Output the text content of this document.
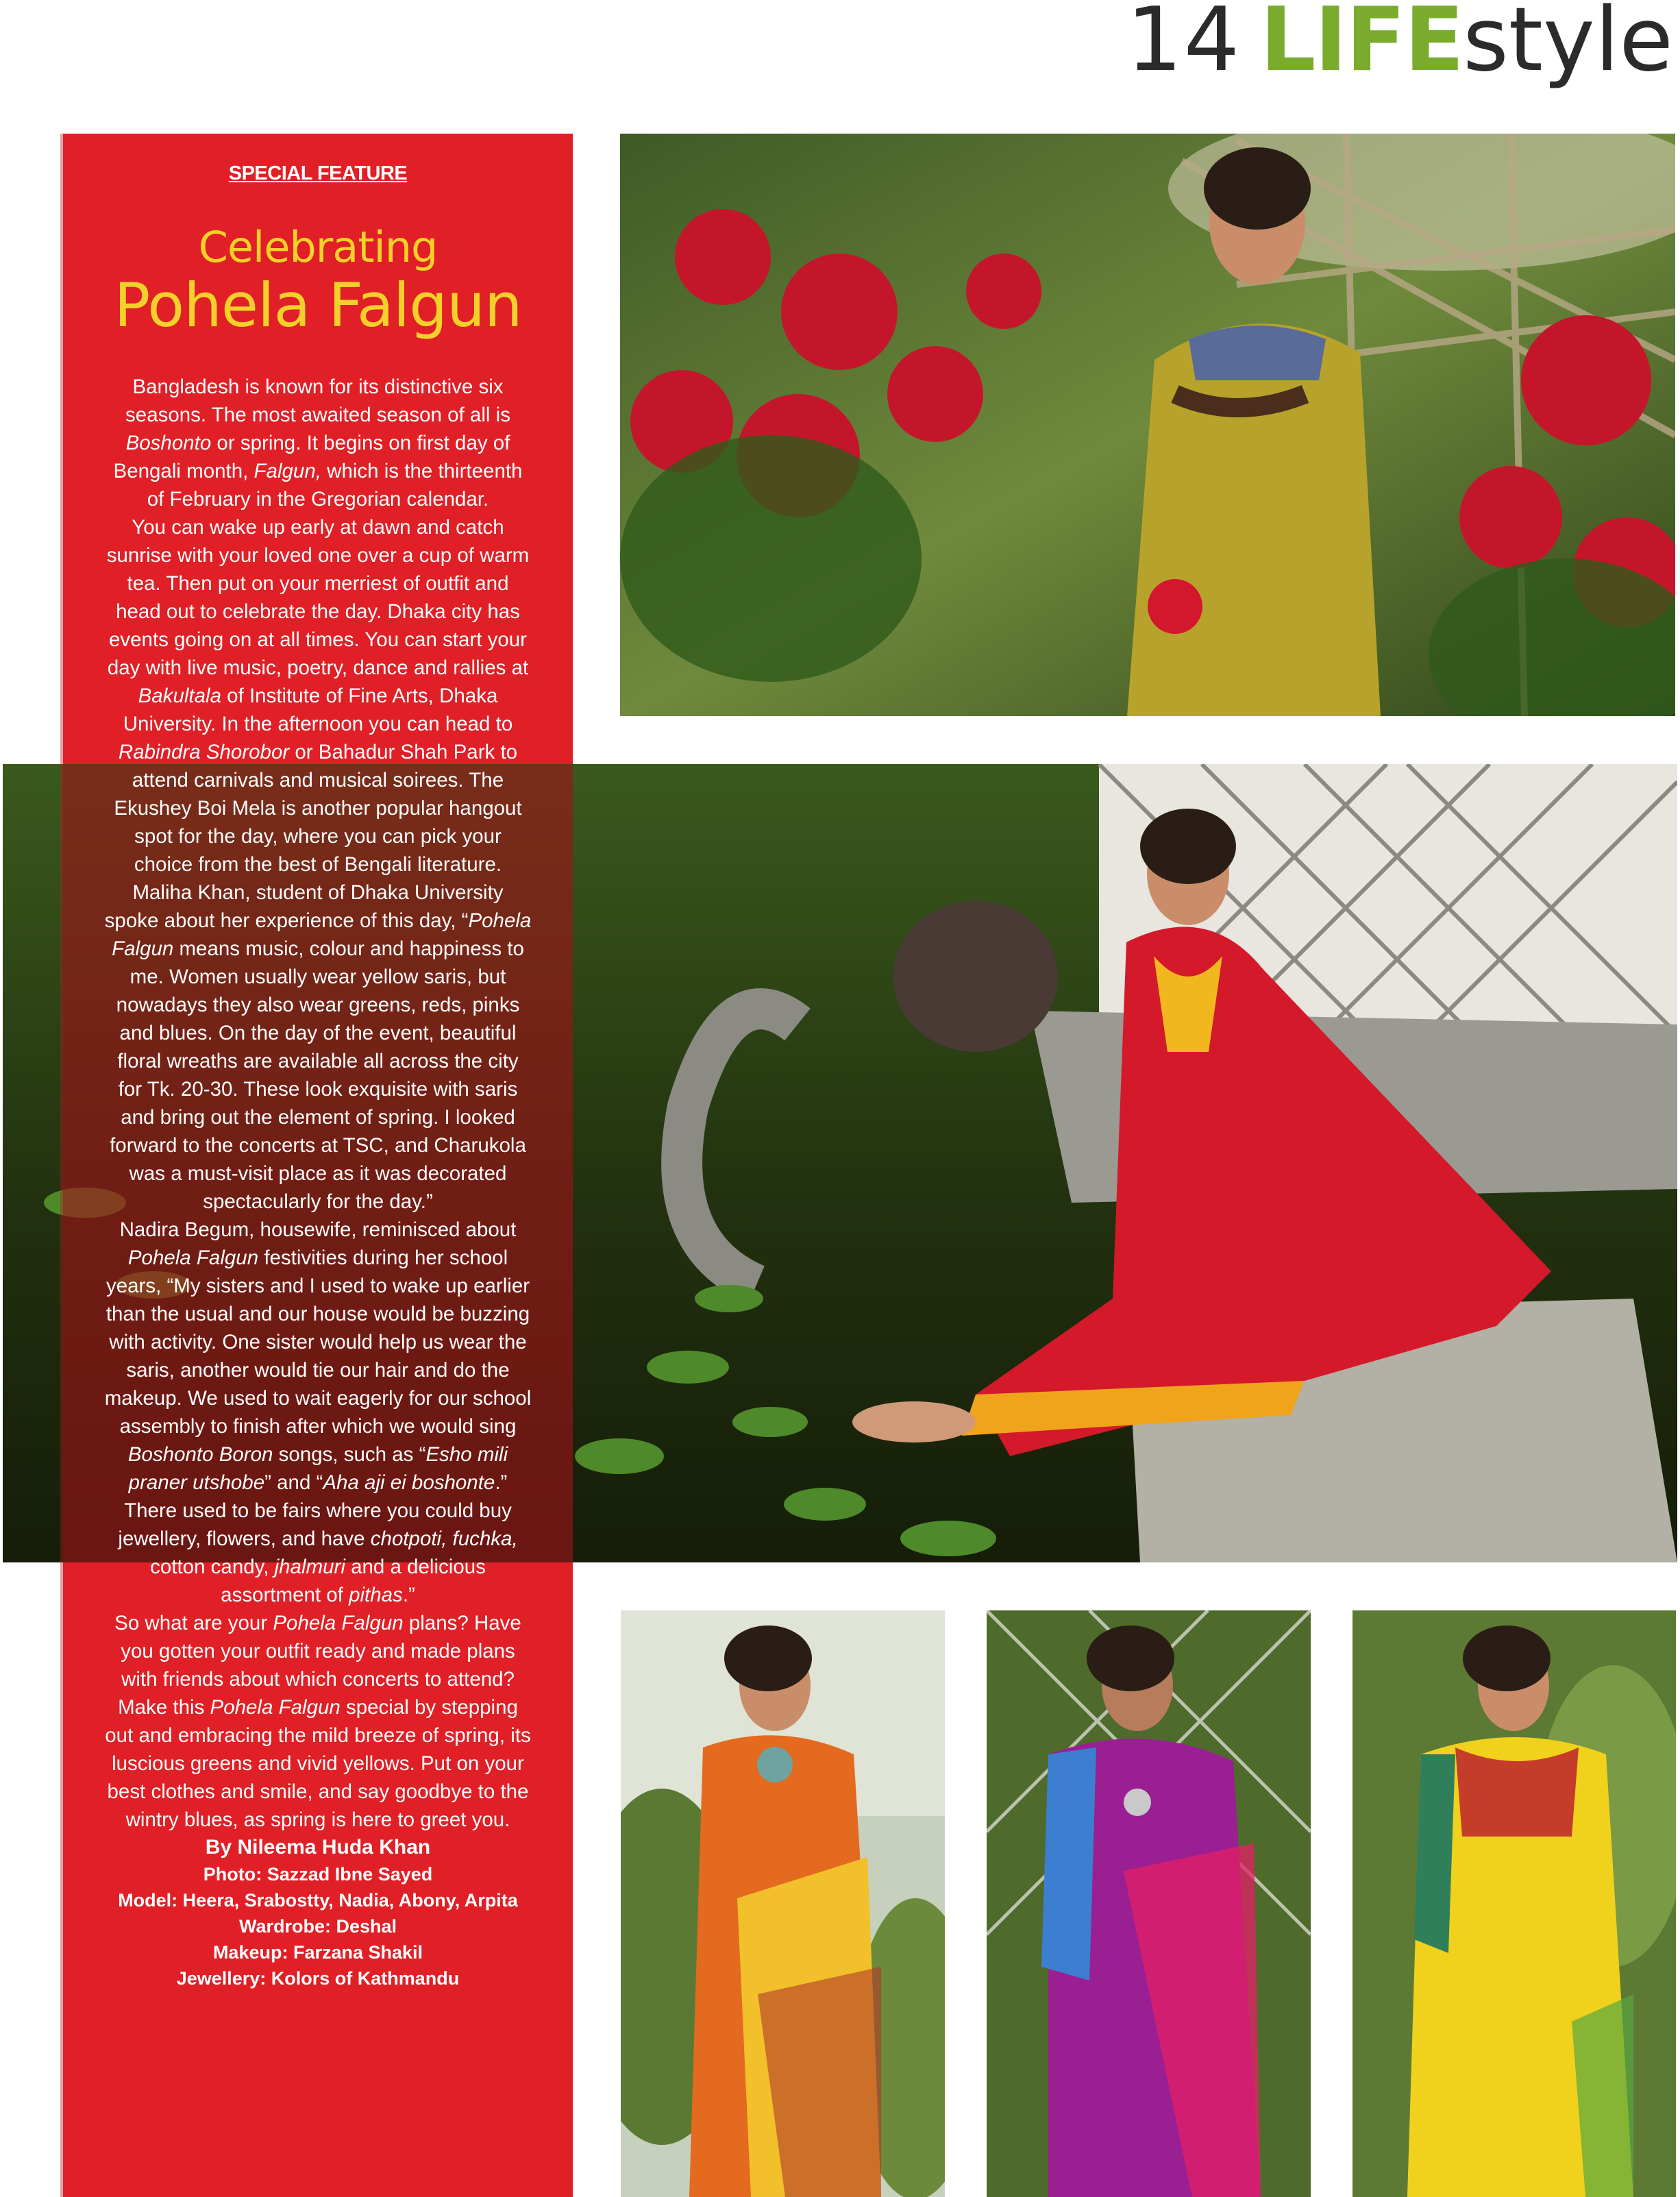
14 LIFE style
SPECIAL FEATURE
Celebrating
Pohela Falgun

Bangladesh is known for its distinctive six seasons. The most awaited season of all is Boshonto or spring. It begins on first day of Bengali month, Falgun, which is the thirteenth of February in the Gregorian calendar.

You can wake up early at dawn and catch sunrise with your loved one over a cup of warm tea. Then put on your merriest of outfit and head out to celebrate the day. Dhaka city has events going on at all times. You can start your day with live music, poetry, dance and rallies at Bakultala of Institute of Fine Arts, Dhaka University. In the afternoon you can head to Rabindra Shorobor or Bahadur Shah Park to attend carnivals and musical soirees. The Ekushey Boi Mela is another popular hangout spot for the day, where you can pick your choice from the best of Bengali literature.

Maliha Khan, student of Dhaka University spoke about her experience of this day, “Pohela Falgun means music, colour and happiness to me. Women usually wear yellow saris, but nowadays they also wear greens, reds, pinks and blues. On the day of the event, beautiful floral wreaths are available all across the city for Tk. 20-30. These look exquisite with saris and bring out the element of spring. I looked forward to the concerts at TSC, and Charukola was a must-visit place as it was decorated spectacularly for the day.”

Nadira Begum, housewife, reminisced about Pohela Falgun festivities during her school years, “My sisters and I used to wake up earlier than the usual and our house would be buzzing with activity. One sister would help us wear the saris, another would tie our hair and do the makeup. We used to wait eagerly for our school assembly to finish after which we would sing Boshonto Boron songs, such as “Esho mili praner utshobe” and “Aha aji ei boshonte.” There used to be fairs where you could buy jewellery, flowers, and have chotpoti, fuchka, cotton candy, jhalmuri and a delicious assortment of pithas.”

So what are your Pohela Falgun plans? Have you gotten your outfit ready and made plans with friends about which concerts to attend? Make this Pohela Falgun special by stepping out and embracing the mild breeze of spring, its luscious greens and vivid yellows. Put on your best clothes and smile, and say goodbye to the wintry blues, as spring is here to greet you.

By Nileema Huda Khan
Photo: Sazzad Ibne Sayed
Model: Heera, Srabostty, Nadia, Abony, Arpita
Wardrobe: Deshal
Makeup: Farzana Shakil
Jewellery: Kolors of Kathmandu
